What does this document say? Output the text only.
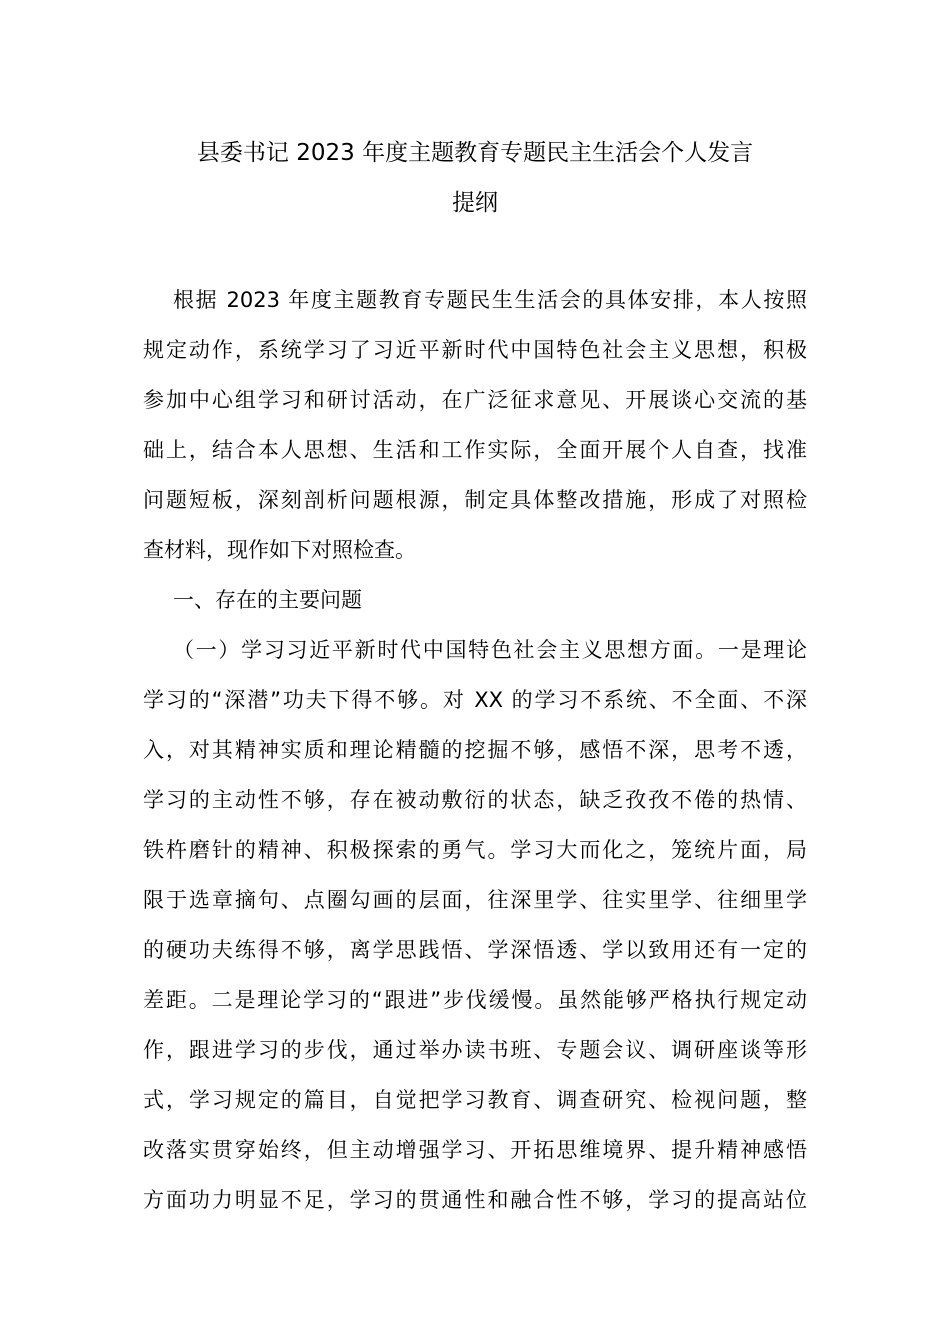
县委书记 2023 年度主题教育专题民主生活会个人发言
提纲
根据 2023 年度主题教育专题民生生活会的具体安排，本人按照
规定动作，系统学习了习近平新时代中国特色社会主义思想，积极
参加中心组学习和研讨活动，在广泛征求意见、开展谈心交流的基
础上，结合本人思想、生活和工作实际，全面开展个人自查，找准
问题短板，深刻剖析问题根源，制定具体整改措施，形成了对照检
查材料，现作如下对照检查。
一、存在的主要问题
（一）学习习近平新时代中国特色社会主义思想方面。一是理论
学习的“深潜”功夫下得不够。对 XX 的学习不系统、不全面、不深
入，对其精神实质和理论精髓的挖掘不够，感悟不深，思考不透，
学习的主动性不够，存在被动敷衍的状态，缺乏孜孜不倦的热情、
铁杵磨针的精神、积极探索的勇气。学习大而化之，笼统片面，局
限于选章摘句、点圈勾画的层面，往深里学、往实里学、往细里学
的硬功夫练得不够，离学思践悟、学深悟透、学以致用还有一定的
差距。二是理论学习的“跟进”步伐缓慢。虽然能够严格执行规定动
作，跟进学习的步伐，通过举办读书班、专题会议、调研座谈等形
式，学习规定的篇目，自觉把学习教育、调查研究、检视问题，整
改落实贯穿始终，但主动增强学习、开拓思维境界、提升精神感悟
方面功力明显不足，学习的贯通性和融合性不够，学习的提高站位
